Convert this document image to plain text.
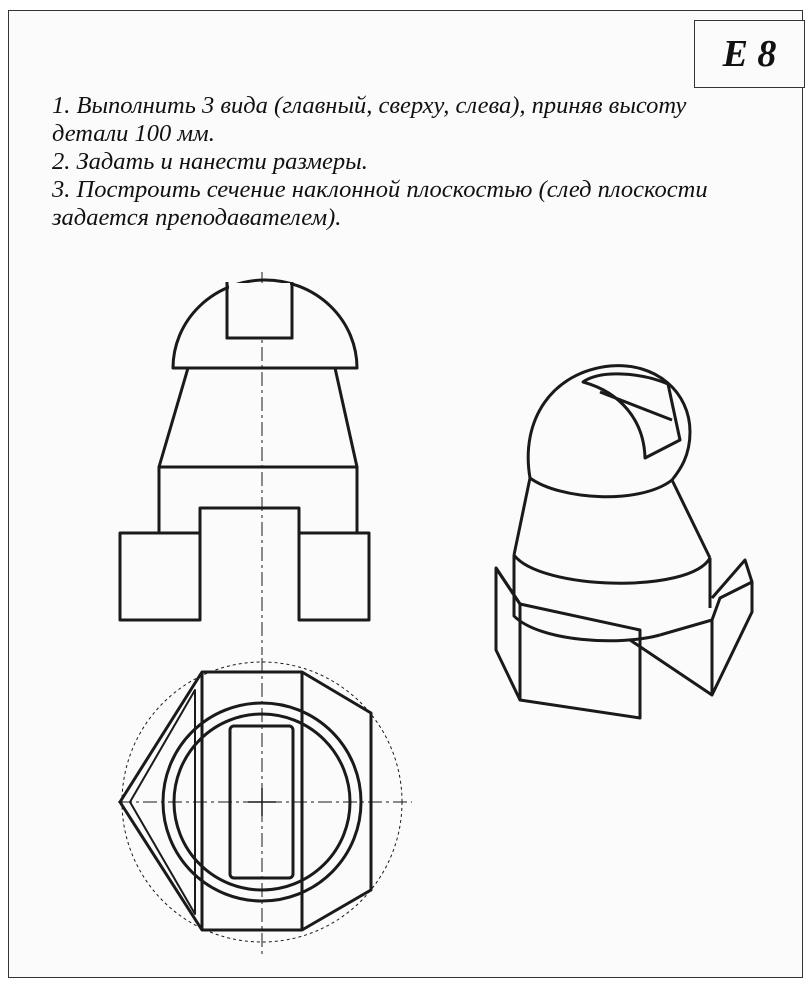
E 8

1. Выполнить 3 вида (главный, сверху, слева), приняв высоту

детали 100 мм.

2. Задать и нанести размеры.

3. Построить сечение наклонной плоскостью (след плоскости

задается преподавателем).
